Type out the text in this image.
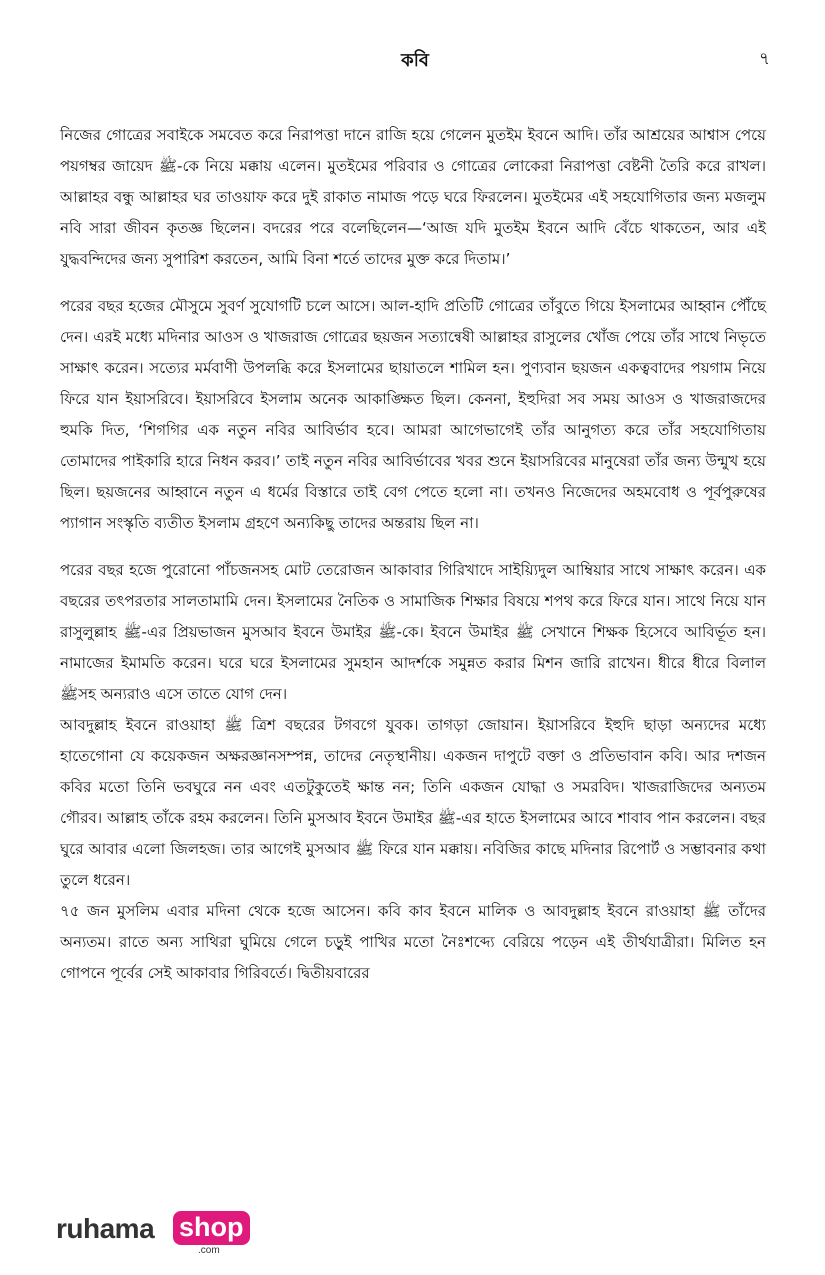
কবি	৭

নিজের গোত্রের সবাইকে সমবেত করে নিরাপত্তা দানে রাজি হয়ে গেলেন মুতইম ইবনে আদি। তাঁর আশ্রয়ের আশ্বাস পেয়ে পয়গম্বর জায়েদ ﷺ-কে নিয়ে মক্কায় এলেন। মুতইমের পরিবার ও গোত্রের লোকেরা নিরাপত্তা বেষ্টনী তৈরি করে রাখল। আল্লাহর বন্ধু আল্লাহর ঘর তাওয়াফ করে দুই রাকাত নামাজ পড়ে ঘরে ফিরলেন। মুতইমের এই সহযোগিতার জন্য মজলুম নবি সারা জীবন কৃতজ্ঞ ছিলেন। বদরের পরে বলেছিলেন—‘আজ যদি মুতইম ইবনে আদি বেঁচে থাকতেন, আর এই যুদ্ধবন্দিদের জন্য সুপারিশ করতেন, আমি বিনা শর্তে তাদের মুক্ত করে দিতাম।’

পরের বছর হজের মৌসুমে সুবর্ণ সুযোগটি চলে আসে। আল-হাদি প্রতিটি গোত্রের তাঁবুতে গিয়ে ইসলামের আহ্বান পৌঁছে দেন। এরই মধ্যে মদিনার আওস ও খাজরাজ গোত্রের ছয়জন সত্যান্বেষী আল্লাহর রাসুলের খোঁজ পেয়ে তাঁর সাথে নিভৃতে সাক্ষাৎ করেন। সত্যের মর্মবাণী উপলব্ধি করে ইসলামের ছায়াতলে শামিল হন। পুণ্যবান ছয়জন একত্ববাদের পয়গাম নিয়ে ফিরে যান ইয়াসরিবে। ইয়াসরিবে ইসলাম অনেক আকাঙ্ক্ষিত ছিল। কেননা, ইহুদিরা সব সময় আওস ও খাজরাজদের হুমকি দিত, ‘শিগগির এক নতুন নবির আবির্ভাব হবে। আমরা আগেভাগেই তাঁর আনুগত্য করে তাঁর সহযোগিতায় তোমাদের পাইকারি হারে নিধন করব।’ তাই নতুন নবির আবির্ভাবের খবর শুনে ইয়াসরিবের মানুষেরা তাঁর জন্য উন্মুখ হয়ে ছিল। ছয়জনের আহ্বানে নতুন এ ধর্মের বিস্তারে তাই বেগ পেতে হলো না। তখনও নিজেদের অহমবোধ ও পূর্বপুরুষের প্যাগান সংস্কৃতি ব্যতীত ইসলাম গ্রহণে অন্যকিছু তাদের অন্তরায় ছিল না।

পরের বছর হজে পুরোনো পাঁচজনসহ মোট তেরোজন আকাবার গিরিখাদে সাইয়্যিদুল আম্বিয়ার সাথে সাক্ষাৎ করেন। এক বছরের তৎপরতার সালতামামি দেন। ইসলামের নৈতিক ও সামাজিক শিক্ষার বিষয়ে শপথ করে ফিরে যান। সাথে নিয়ে যান রাসুলুল্লাহ ﷺ-এর প্রিয়ভাজন মুসআব ইবনে উমাইর ﷺ-কে। ইবনে উমাইর ﷺ সেখানে শিক্ষক হিসেবে আবির্ভূত হন। নামাজের ইমামতি করেন। ঘরে ঘরে ইসলামের সুমহান আদর্শকে সমুন্নত করার মিশন জারি রাখেন। ধীরে ধীরে বিলাল ﷺসহ অন্যরাও এসে তাতে যোগ দেন।

আবদুল্লাহ ইবনে রাওয়াহা ﷺ ত্রিশ বছরের টগবগে যুবক। তাগড়া জোয়ান। ইয়াসরিবে ইহুদি ছাড়া অন্যদের মধ্যে হাতেগোনা যে কয়েকজন অক্ষরজ্ঞানসম্পন্ন, তাদের নেতৃস্থানীয়। একজন দাপুটে বক্তা ও প্রতিভাবান কবি। আর দশজন কবির মতো তিনি ভবঘুরে নন এবং এতটুকুতেই ক্ষান্ত নন; তিনি একজন যোদ্ধা ও সমরবিদ। খাজরাজিদের অন্যতম গৌরব। আল্লাহ তাঁকে রহম করলেন। তিনি মুসআব ইবনে উমাইর ﷺ-এর হাতে ইসলামের আবে শাবাব পান করলেন। বছর ঘুরে আবার এলো জিলহজ। তার আগেই মুসআব ﷺ ফিরে যান মক্কায়। নবিজির কাছে মদিনার রিপোর্ট ও সম্ভাবনার কথা তুলে ধরেন।

৭৫ জন মুসলিম এবার মদিনা থেকে হজে আসেন। কবি কাব ইবনে মালিক ও আবদুল্লাহ ইবনে রাওয়াহা ﷺ তাঁদের অন্যতম। রাতে অন্য সাথিরা ঘুমিয়ে গেলে চড়ুই পাখির মতো নৈঃশব্দ্যে বেরিয়ে পড়েন এই তীর্থযাত্রীরা। মিলিত হন গোপনে পূর্বের সেই আকাবার গিরিবর্তে। দ্বিতীয়বারের

ruhama shop
.com
